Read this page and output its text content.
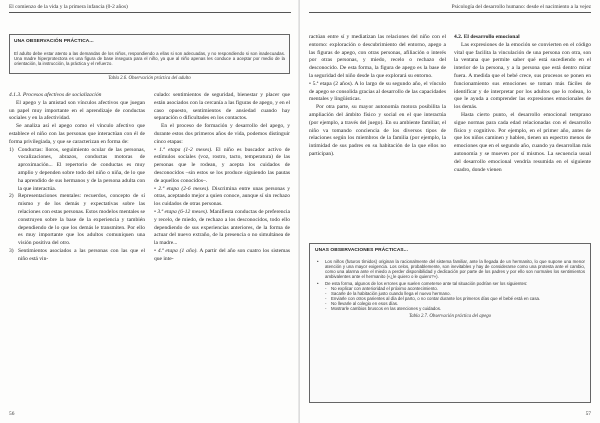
El comienzo de la vida y la primera infancia (0-2 años)
UNA OBSERVACIÓN PRÁCTICA...
El adulto debe estar atento a las demandas de los niños, respondiendo a ellas si son adecuadas, y no respondiendo si son inadecuadas. Una madre hiperprotectora es una figura de base insegura para el niño, ya que al niño apenas les conduce a aceptar por medio de la orientación, la instrucción, la práctica y el refuerzo.
Tabla 2.6. Observación práctica del adulto

4.1.3. Procesos afectivos de socialización

El apego y la amistad son vínculos afectivos que juegan un papel muy importante en el aprendizaje de conductas sociales y en la afectividad.

Se analiza así el apego como el vínculo afectivo que establece el niño con las personas que interactúan con él de forma privilegiada, y que se caracterizan en forma de:

1) Conductas: lloros, seguimiento ocular de las personas, vocalizaciones, abrazos, conductas motoras de aproximación... El repertorio de conductas es muy amplio y dependen sobre todo del niño o niña, de lo que ha aprendido de sus hermanos y de la persona adulta con la que interactúa.
2) Representaciones mentales: recuerdos, concepto de sí mismo y de los demás y expectativas sobre las relaciones con estas personas. Estos modelos mentales se construyen sobre la base de la experiencia y también dependiendo de lo que los demás le transmiten. Por ello es muy importante que los adultos comuniquen una visión positiva del otro.
3) Sentimientos asociados a las personas con las que el niño está vin-

culado: sentimientos de seguridad, bienestar y placer que están asociados con la cercanía a las figuras de apego, y en el caso opuesto, sentimientos de ansiedad cuando hay separación o dificultades en los contactos.

En el proceso de formación y desarrollo del apego, y durante estos dos primeros años de vida, podemos distinguir cinco etapas:

• 1.ª etapa (1-2 meses). El niño es buscador activo de estímulos sociales (voz, rostro, tacto, temperatura) de las personas que le rodean, y acepta los cuidados de desconocidos –sin estos se los produce siguiendo las pautas de aquellos conocidos–.

• 2.ª etapa (2-6 meses). Discrimina entre unas personas y otras, aceptando mejor a quien conoce, aunque sí sin rechazo los cuidados de otras personas.

• 3.ª etapa (6-12 meses). Manifiesta conductas de preferencia y recelo, de miedo, de rechazo a los desconocidos, todo ello dependiendo de sus experiencias anteriores, de la forma de actuar del nuevo extraño, de la presencia o no simultánea de la madre...

• 4.ª etapa (1 año). A partir del año son cuatro los sistemas que inte-

56
Psicología del desarrollo humano: desde el nacimiento a la vejez

ractúan entre sí y mediatizan las relaciones del niño con el entorno: exploración o descubrimiento del entorno, apego a las figuras de apego, con otras personas, afiliación o interés por otras personas, y miedo, recelo o rechazo del desconocido. De esta forma, la figura de apego es la base de la seguridad del niño desde la que explorará su entorno.

• 5.ª etapa (2 años). A lo largo de su segundo año, el vínculo de apego se consolida gracias al desarrollo de las capacidades mentales y lingüísticas.

Por otra parte, su mayor autonomía motora posibilita la ampliación del ámbito físico y social en el que interactúa (por ejemplo, a través del juego). En su ambiente familiar, el niño va tomando conciencia de los diversos tipos de relaciones según los miembros de la familia (por ejemplo, la intimidad de sus padres en su habitación de la que ellos no participan).

4.2. El desarrollo emocional

Las expresiones de la emoción se convierten en el código vital que facilita la vinculación de una persona con otra, son la ventana que permite saber qué está sucediendo en el interior de la persona, y a la persona que está dentro mirar fuera. A medida que el bebé crece, sus procesos se ponen en funcionamiento sus emociones se toman más fáciles de identificar y de interpretar por los adultos que lo rodean, lo que le ayuda a comprender las expresiones emocionales de los demás.

Hasta cierto punto, el desarrollo emocional temprano sigue normas para cada edad relacionadas con el desarrollo físico y cognitivo. Por ejemplo, en el primer año, antes de que los niños caminen y hablen, tienen un espectro menos de emociones que en el segundo año, cuando ya desarrollan más autonomía y se mueven por sí mismos. La secuencia usual del desarrollo emocional vendría resumida en el siguiente cuadro, donde vienen

UNAS OBSERVACIONES PRÁCTICAS...
• Los niños (futuros tímidos) originan la racionalmente del sistema familiar, ante la llegada de un hermanito, lo que supone una menor atención y una mayor exigencia. Los celos, probablemente, son inevitables y hay de considerarse como una protesta ante el cambio, como una alarma ante el miedo a perder disponibilidad y dedicación por parte de los padres y por ello son normales los sentimientos ambivalentes ante el hermanito («¿le quiero o le quiero?»).
• De esta forma, algunos de los errores que suelen cometerse ante tal situación podrían ser los siguientes:
- No explicar con anterioridad el próximo acontecimiento.
- Sacarle de la habitación justo cuando llega el nuevo hermano.
- Enviarle con otros parientes al día del parto, o no contar durante los primeros días que el bebé está en casa.
- No llevarle al colegio en esos días.
- Mostrarle cambios bruscos en las atenciones y cuidados.
Tabla 2.7. Observación práctica del apego
57
